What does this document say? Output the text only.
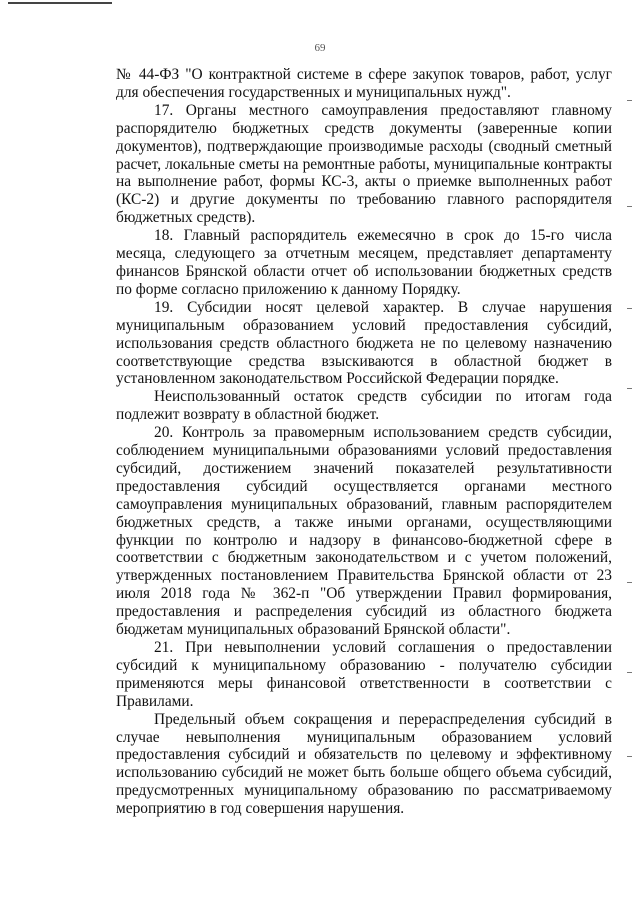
69

№ 44-ФЗ "О контрактной системе в сфере закупок товаров, работ, услуг для обеспечения государственных и муниципальных нужд".

17. Органы местного самоуправления предоставляют главному распорядителю бюджетных средств документы (заверенные копии документов), подтверждающие производимые расходы (сводный сметный расчет, локальные сметы на ремонтные работы, муниципальные контракты на выполнение работ, формы КС-3, акты о приемке выполненных работ (КС-2) и другие документы по требованию главного распорядителя бюджетных средств).

18. Главный распорядитель ежемесячно в срок до 15-го числа месяца, следующего за отчетным месяцем, представляет департаменту финансов Брянской области отчет об использовании бюджетных средств по форме согласно приложению к данному Порядку.

19. Субсидии носят целевой характер. В случае нарушения муниципальным образованием условий предоставления субсидий, использования средств областного бюджета не по целевому назначению соответствующие средства взыскиваются в областной бюджет в установленном законодательством Российской Федерации порядке.

Неиспользованный остаток средств субсидии по итогам года подлежит возврату в областной бюджет.

20. Контроль за правомерным использованием средств субсидии, соблюдением муниципальными образованиями условий предоставления субсидий, достижением значений показателей результативности предоставления субсидий осуществляется органами местного самоуправления муниципальных образований, главным распорядителем бюджетных средств, а также иными органами, осуществляющими функции по контролю и надзору в финансово-бюджетной сфере в соответствии с бюджетным законодательством и с учетом положений, утвержденных постановлением Правительства Брянской области от 23 июля 2018 года № 362-п "Об утверждении Правил формирования, предоставления и распределения субсидий из областного бюджета бюджетам муниципальных образований Брянской области".

21. При невыполнении условий соглашения о предоставлении субсидий к муниципальному образованию - получателю субсидии применяются меры финансовой ответственности в соответствии с Правилами.

Предельный объем сокращения и перераспределения субсидий в случае невыполнения муниципальным образованием условий предоставления субсидий и обязательств по целевому и эффективному использованию субсидий не может быть больше общего объема субсидий, предусмотренных муниципальному образованию по рассматриваемому мероприятию в год совершения нарушения.
